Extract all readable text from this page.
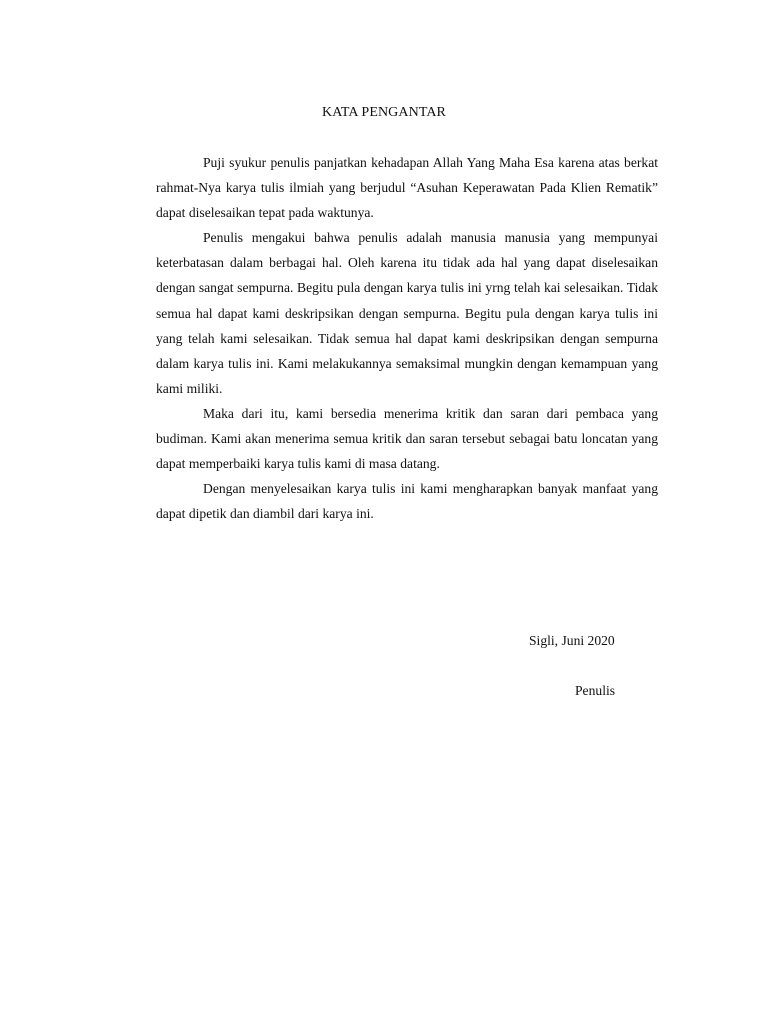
KATA PENGANTAR

Puji syukur penulis panjatkan kehadapan Allah Yang Maha Esa karena atas berkat rahmat-Nya karya tulis ilmiah yang berjudul “Asuhan Keperawatan Pada Klien Rematik” dapat diselesaikan tepat pada waktunya.

Penulis mengakui bahwa penulis adalah manusia manusia yang mempunyai keterbatasan dalam berbagai hal. Oleh karena itu tidak ada hal yang dapat diselesaikan dengan sangat sempurna. Begitu pula dengan karya tulis ini yrng telah kai selesaikan. Tidak semua hal dapat kami deskripsikan dengan sempurna. Begitu pula dengan karya tulis ini yang telah kami selesaikan. Tidak semua hal dapat kami deskripsikan dengan sempurna dalam karya tulis ini. Kami melakukannya semaksimal mungkin dengan kemampuan yang kami miliki.

Maka dari itu, kami bersedia menerima kritik dan saran dari pembaca yang budiman. Kami akan menerima semua kritik dan saran tersebut sebagai batu loncatan yang dapat memperbaiki karya tulis kami di masa datang.

Dengan menyelesaikan karya tulis ini kami mengharapkan banyak manfaat yang dapat dipetik dan diambil dari karya ini.

Sigli, Juni 2020
Penulis
